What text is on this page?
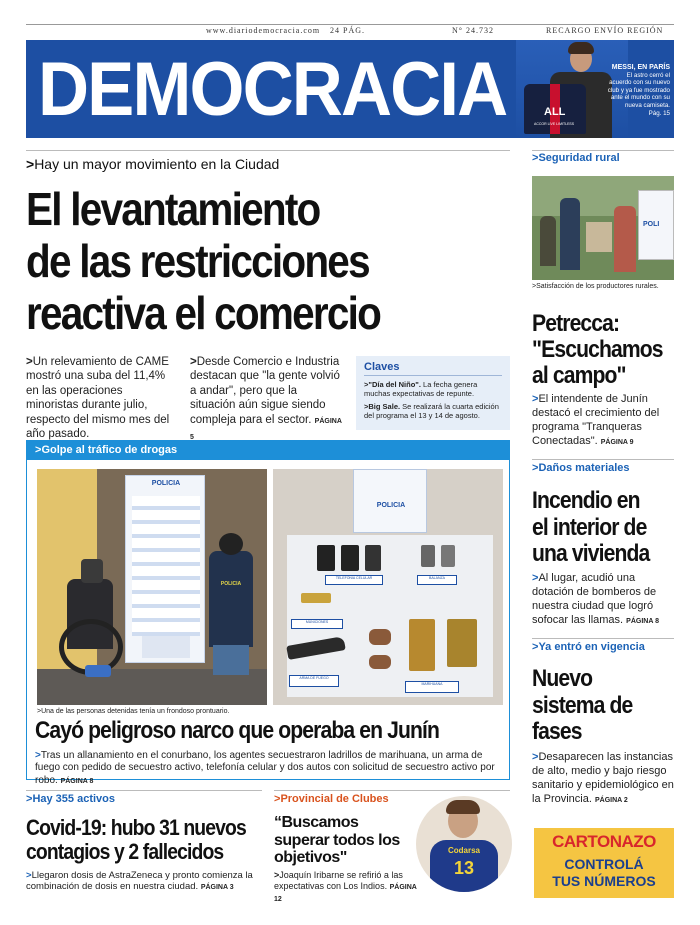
www.diariodemocracia.com 24 PÁG.	N° 24.732	RECARGO ENVÍO REGIÓN
DEMOCRACIA	ALL
ACCOR LIVE LIMITLESS
MESSI, EN PARÍS
El astro cerró el acuerdo con su nuevo club y ya fue mostrado ante el mundo con su nueva camiseta.
Pág. 15
>Hay un mayor movimiento en la Ciudad
El levantamiento
de las restricciones
reactiva el comercio
>Un relevamiento de CAME mostró una suba del 11,4% en las operaciones minoristas durante julio, respecto del mismo mes del año pasado.
>Desde Comercio e Industria destacan que "la gente volvió a andar", pero que la situación aún sigue siendo compleja para el sector. PÁGINA 5
Claves

>"Día del Niño". La fecha genera muchas expectativas de repunte.

>Big Sale. Se realizará la cuarta edición del programa el 13 y 14 de agosto.

>Golpe al tráfico de drogas
POLICIA
POLICIA
POLICIA
TELEFONIA CELULAR	BALANZA
MUNICIONES
ARMA DE FUEGO
MARIHUANA
>Una de las personas detenidas tenía un frondoso prontuario.
Cayó peligroso narco que operaba en Junín
>Tras un allanamiento en el conurbano, los agentes secuestraron ladrillos de marihuana, un arma de fuego con pedido de secuestro activo, telefonía celular y dos autos con solicitud de secuestro activo por robo. PÁGINA 8
>Hay 355 activos
Covid-19: hubo 31 nuevos
contagios y 2 fallecidos
>Llegaron dosis de AstraZeneca y pronto comienza la combinación de dosis en nuestra ciudad. PÁGINA 3
>Provincial de Clubes
“Buscamos
superar todos los
objetivos"
>Joaquín Iribarne se refirió a las expectativas con Los Indios. PÁGINA 12
Codarsa
13
>Seguridad rural
POLI
>Satisfacción de los productores rurales.
Petrecca:
"Escuchamos
al campo"
>El intendente de Junín destacó el crecimiento del programa "Tranqueras Conectadas". PÁGINA 9
>Daños materiales
Incendio en
el interior de
una vivienda
>Al lugar, acudió una dotación de bomberos de nuestra ciudad que logró sofocar las llamas. PÁGINA 8
>Ya entró en vigencia
Nuevo
sistema de
fases
>Desaparecen las instancias de alto, medio y bajo riesgo sanitario y epidemiológico en la Provincia. PÁGINA 2
CARTONAZO
CONTROLÁ
TUS NÚMEROS
